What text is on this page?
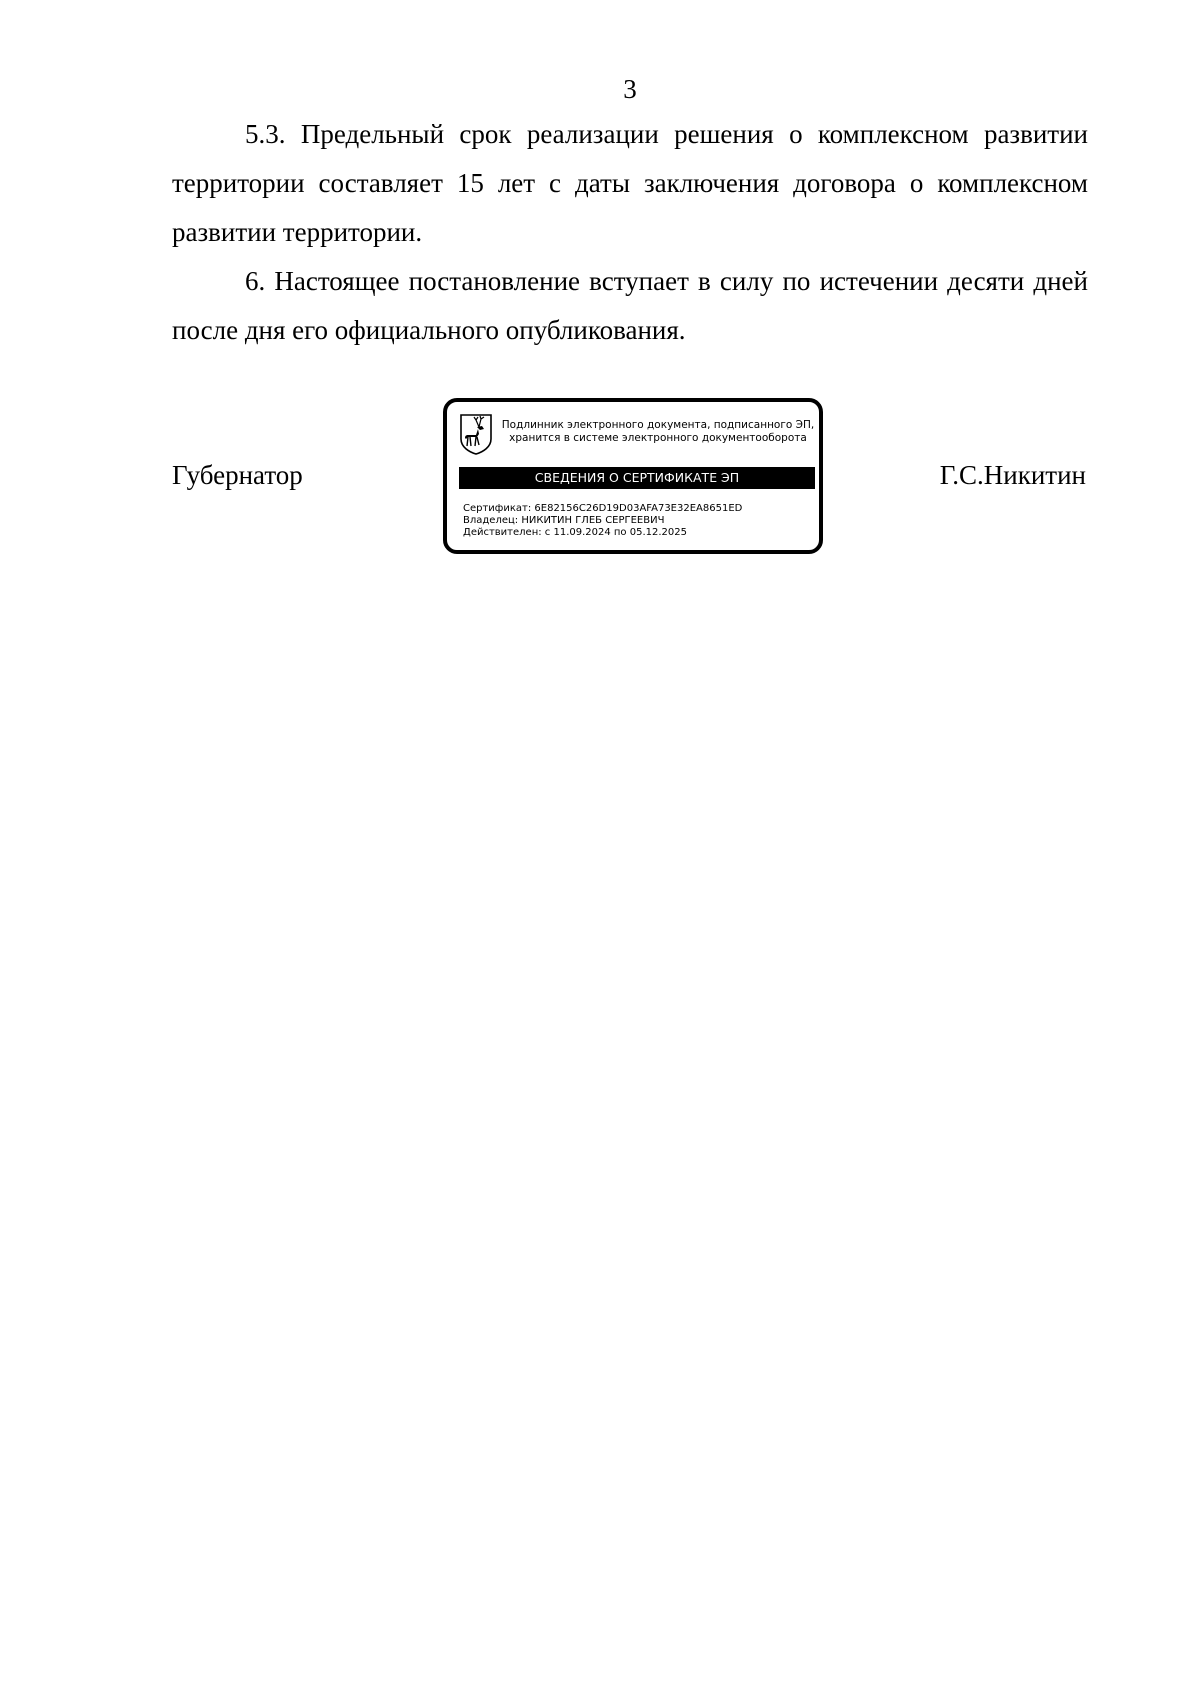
3

5.3. Предельный срок реализации решения о комплексном развитии территории составляет 15 лет с даты заключения договора о комплексном развитии территории.

6. Настоящее постановление вступает в силу по истечении десяти дней после дня его официального опубликования.

Губернатор	Г.С.Никитин
Подлинник электронного документа, подписанного ЭП,
хранится в системе электронного документооборота
СВЕДЕНИЯ О СЕРТИФИКАТЕ ЭП
Сертификат: 6E82156C26D19D03AFA73E32EA8651ED
Владелец: НИКИТИН ГЛЕБ СЕРГЕЕВИЧ
Действителен: с 11.09.2024 по 05.12.2025
